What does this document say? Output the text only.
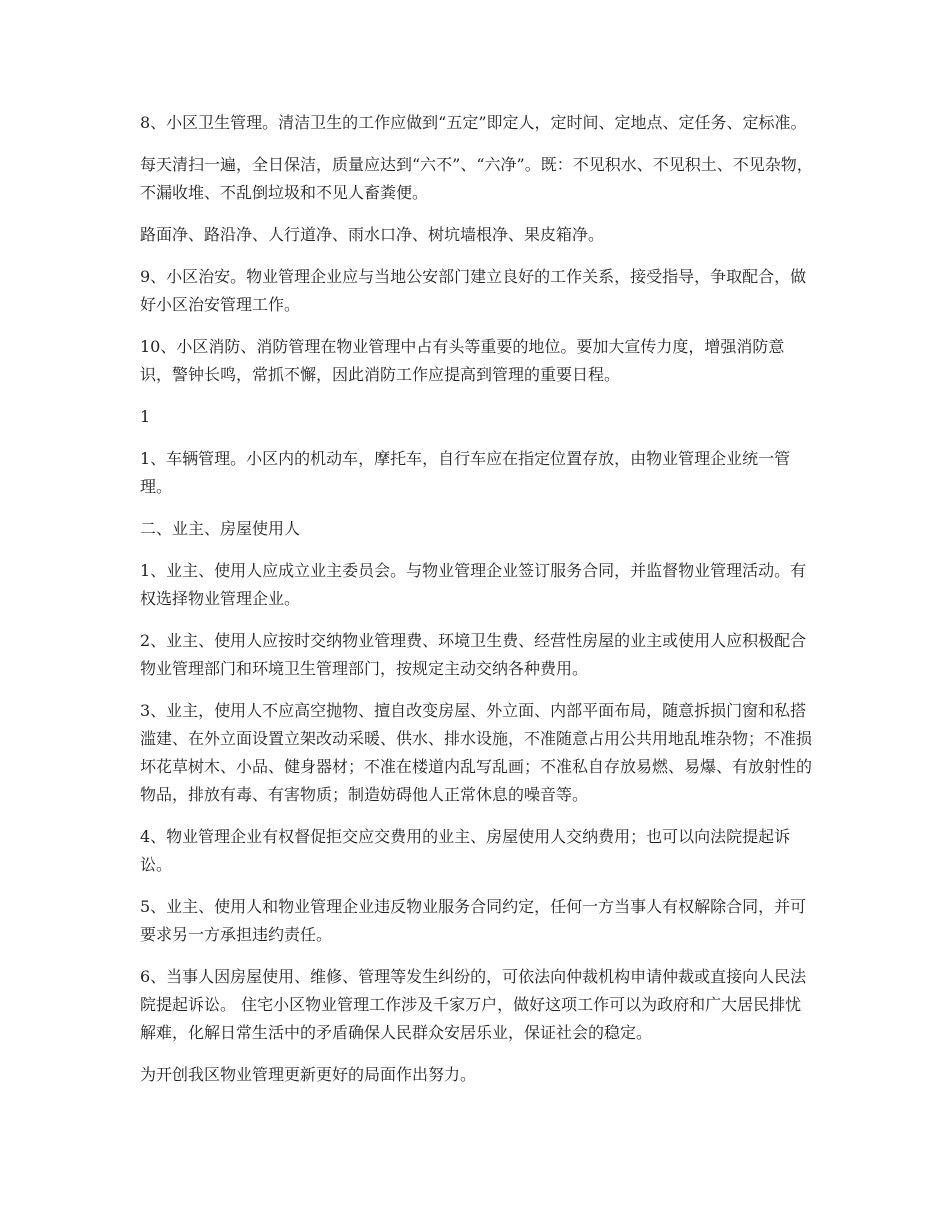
8、小区卫生管理。清洁卫生的工作应做到“五定”即定人，定时间、定地点、定任务、定标准。

每天清扫一遍，全日保洁，质量应达到“六不”、“六净”。既：不见积水、不见积土、不见杂物，不漏收堆、不乱倒垃圾和不见人畜粪便。

路面净、路沿净、人行道净、雨水口净、树坑墙根净、果皮箱净。

9、小区治安。物业管理企业应与当地公安部门建立良好的工作关系，接受指导，争取配合，做好小区治安管理工作。

10、小区消防、消防管理在物业管理中占有头等重要的地位。要加大宣传力度，增强消防意识，警钟长鸣，常抓不懈，因此消防工作应提高到管理的重要日程。

1

1、车辆管理。小区内的机动车，摩托车，自行车应在指定位置存放，由物业管理企业统一管理。

二、业主、房屋使用人

1、业主、使用人应成立业主委员会。与物业管理企业签订服务合同，并监督物业管理活动。有权选择物业管理企业。

2、业主、使用人应按时交纳物业管理费、环境卫生费、经营性房屋的业主或使用人应积极配合物业管理部门和环境卫生管理部门，按规定主动交纳各种费用。

3、业主，使用人不应高空抛物、擅自改变房屋、外立面、内部平面布局，随意拆损门窗和私搭滥建、在外立面设置立架改动采暖、供水、排水设施，不准随意占用公共用地乱堆杂物；不准损坏花草树木、小品、健身器材；不准在楼道内乱写乱画；不准私自存放易燃、易爆、有放射性的物品，排放有毒、有害物质；制造妨碍他人正常休息的噪音等。

4、物业管理企业有权督促拒交应交费用的业主、房屋使用人交纳费用；也可以向法院提起诉讼。

5、业主、使用人和物业管理企业违反物业服务合同约定，任何一方当事人有权解除合同，并可要求另一方承担违约责任。

6、当事人因房屋使用、维修、管理等发生纠纷的，可依法向仲裁机构申请仲裁或直接向人民法院提起诉讼。 住宅小区物业管理工作涉及千家万户，做好这项工作可以为政府和广大居民排忧解难，化解日常生活中的矛盾确保人民群众安居乐业，保证社会的稳定。

为开创我区物业管理更新更好的局面作出努力。
